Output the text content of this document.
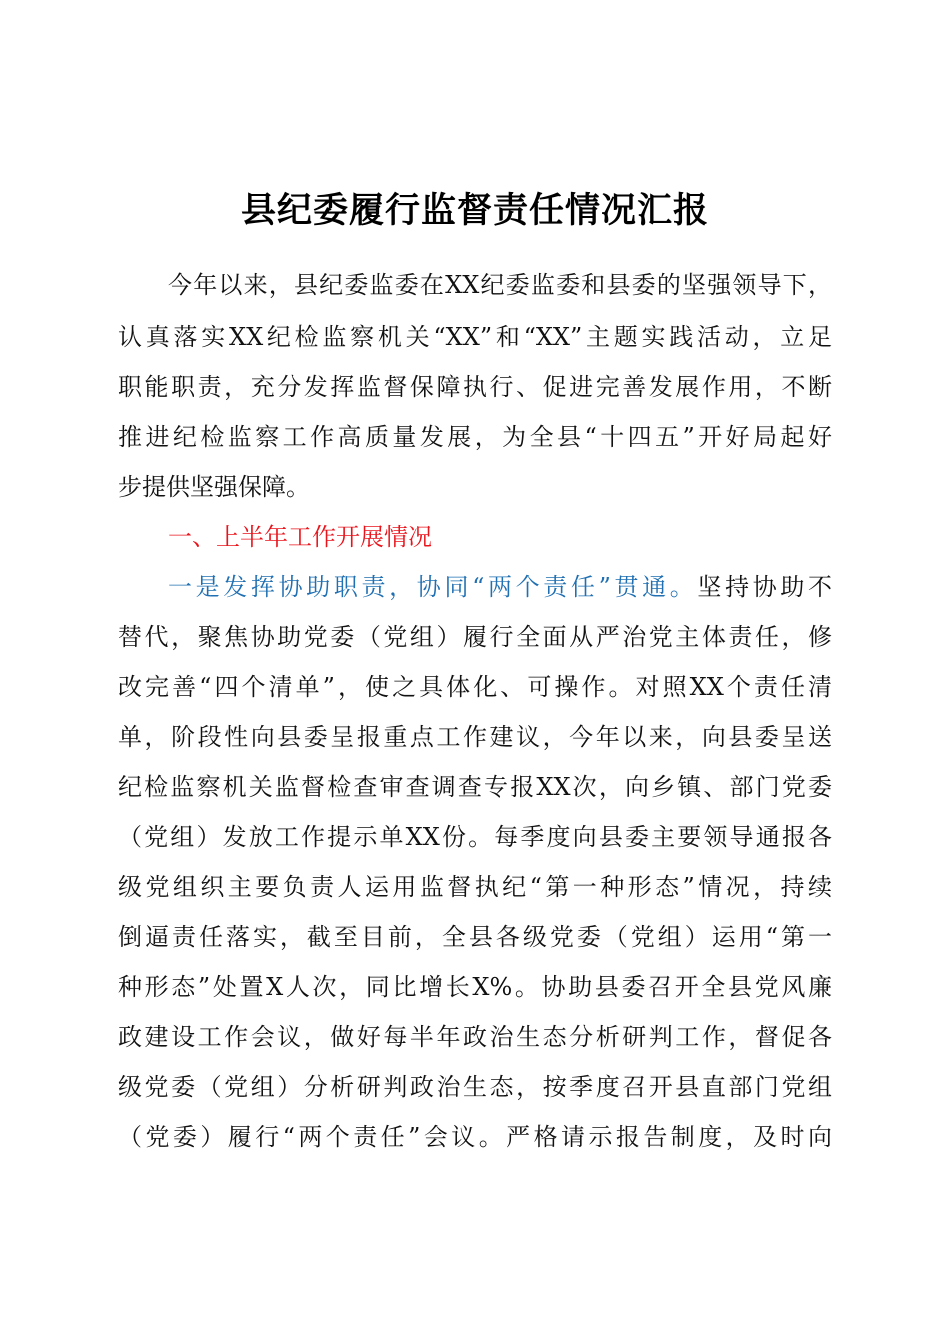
县纪委履行监督责任情况汇报
今年以来，县纪委监委在XX纪委监委和县委的坚强领导下，
认真落实XX纪检监察机关“XX”和“XX”主题实践活动，立足
职能职责，充分发挥监督保障执行、促进完善发展作用，不断
推进纪检监察工作高质量发展，为全县“十四五”开好局起好
步提供坚强保障。
一、上半年工作开展情况
一是发挥协助职责，协同“两个责任”贯通。坚持协助不
替代，聚焦协助党委（党组）履行全面从严治党主体责任，修
改完善“四个清单”，使之具体化、可操作。对照XX个责任清
单，阶段性向县委呈报重点工作建议，今年以来，向县委呈送
纪检监察机关监督检查审查调查专报XX次，向乡镇、部门党委
（党组）发放工作提示单XX份。每季度向县委主要领导通报各
级党组织主要负责人运用监督执纪“第一种形态”情况，持续
倒逼责任落实，截至目前，全县各级党委（党组）运用“第一
种形态”处置X人次，同比增长X%。协助县委召开全县党风廉
政建设工作会议，做好每半年政治生态分析研判工作，督促各
级党委（党组）分析研判政治生态，按季度召开县直部门党组
（党委）履行“两个责任”会议。严格请示报告制度，及时向
